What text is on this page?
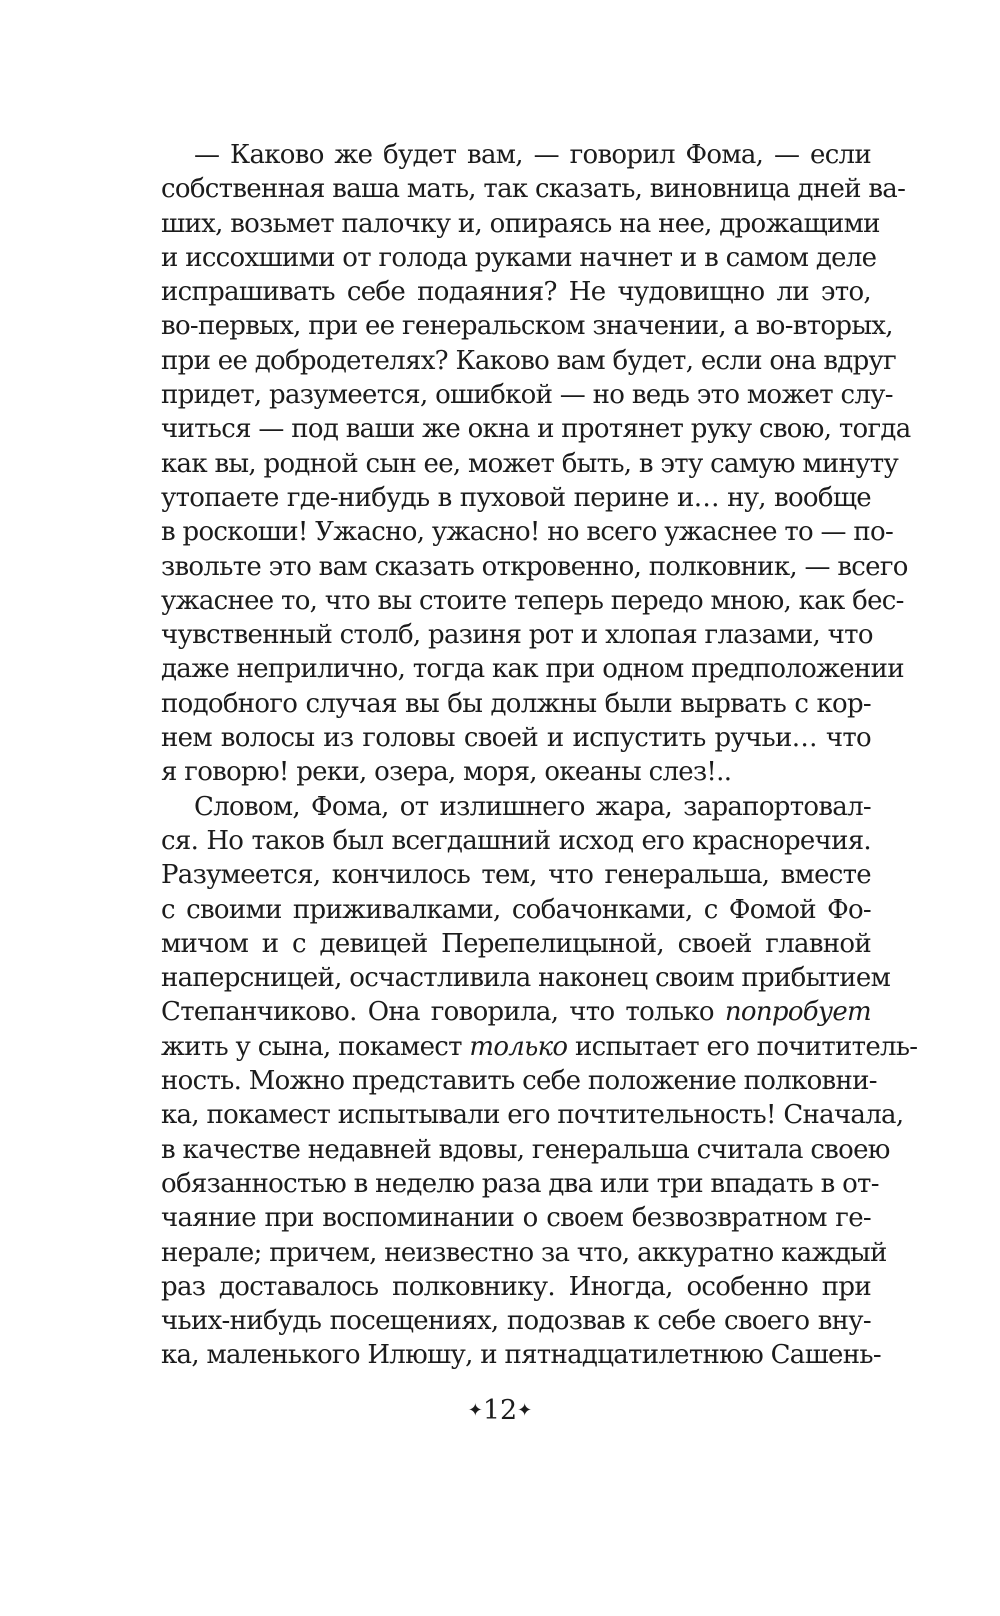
— Каково же будет вам, — говорил Фома, — если
собственная ваша мать, так сказать, виновница дней ва-
ших, возьмет палочку и, опираясь на нее, дрожащими
и иссохшими от голода руками начнет и в самом деле
испрашивать себе подаяния? Не чудовищно ли это,
во-первых, при ее генеральском значении, а во-вторых,
при ее добродетелях? Каково вам будет, если она вдруг
придет, разумеется, ошибкой — но ведь это может слу-
читься — под ваши же окна и протянет руку свою, тогда
как вы, родной сын ее, может быть, в эту самую минуту
утопаете где-нибудь в пуховой перине и… ну, вообще
в роскоши! Ужасно, ужасно! но всего ужаснее то — по-
звольте это вам сказать откровенно, полковник, — всего
ужаснее то, что вы стоите теперь передо мною, как бес-
чувственный столб, разиня рот и хлопая глазами, что
даже неприлично, тогда как при одном предположении
подобного случая вы бы должны были вырвать с кор-
нем волосы из головы своей и испустить ручьи… что
я говорю! реки, озера, моря, океаны слез!..
Словом, Фома, от излишнего жара, зарапортовал-
ся. Но таков был всегдашний исход его красноречия.
Разумеется, кончилось тем, что генеральша, вместе
с своими приживалками, собачонками, с Фомой Фо-
мичом и с девицей Перепелицыной, своей главной
наперсницей, осчастливила наконец своим прибытием
Степанчиково. Она говорила, что только попробует
жить у сына, покамест только испытает его почититель-
ность. Можно представить себе положение полковни-
ка, покамест испытывали его почтительность! Сначала,
в качестве недавней вдовы, генеральша считала своею
обязанностью в неделю раза два или три впадать в от-
чаяние при воспоминании о своем безвозвратном ге-
нерале; причем, неизвестно за что, аккуратно каждый
раз доставалось полковнику. Иногда, особенно при
чьих-нибудь посещениях, подозвав к себе своего вну-
ка, маленького Илюшу, и пятнадцатилетнюю Сашень-
✦12✦
